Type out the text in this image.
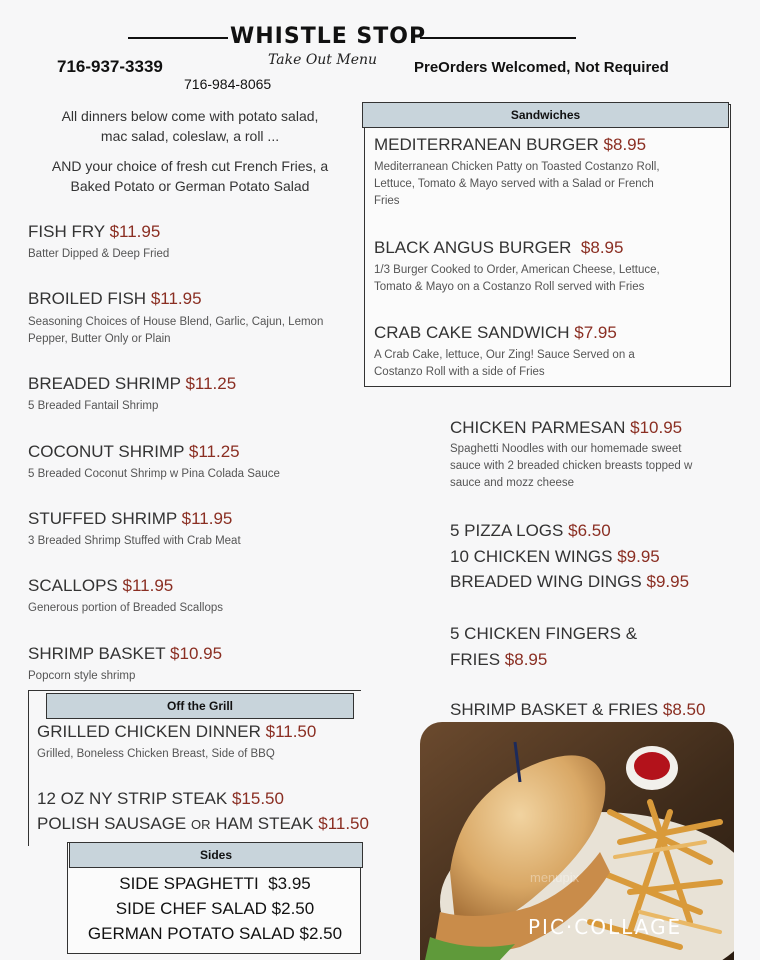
WHISTLE STOP
Take Out Menu
716-937-3339
716-984-8065
PreOrders Welcomed, Not Required
All dinners below come with potato salad,
mac salad, coleslaw, a roll ...
AND your choice of fresh cut French Fries, a
Baked Potato or German Potato Salad
FISH FRY $11.95
Batter Dipped & Deep Fried
BROILED FISH $11.95
Seasoning Choices of House Blend, Garlic, Cajun, Lemon
Pepper, Butter Only or Plain
BREADED SHRIMP $11.25
5 Breaded Fantail Shrimp
COCONUT SHRIMP $11.25
5 Breaded Coconut Shrimp w Pina Colada Sauce
STUFFED SHRIMP $11.95
3 Breaded Shrimp Stuffed with Crab Meat
SCALLOPS $11.95
Generous portion of Breaded Scallops
SHRIMP BASKET $10.95
Popcorn style shrimp
Sandwiches
MEDITERRANEAN BURGER $8.95
Mediterranean Chicken Patty on Toasted Costanzo Roll,
Lettuce, Tomato & Mayo served with a Salad or French
Fries
BLACK ANGUS BURGER $8.95
1/3 Burger Cooked to Order, American Cheese, Lettuce,
Tomato & Mayo on a Costanzo Roll served with Fries
CRAB CAKE SANDWICH $7.95
A Crab Cake, lettuce, Our Zing! Sauce Served on a
Costanzo Roll with a side of Fries
CHICKEN PARMESAN $10.95
Spaghetti Noodles with our homemade sweet
sauce with 2 breaded chicken breasts topped w
sauce and mozz cheese
5 PIZZA LOGS $6.50
10 CHICKEN WINGS $9.95
BREADED WING DINGS $9.95
5 CHICKEN FINGERS &
FRIES $8.95
SHRIMP BASKET & FRIES $8.50
Off the Grill
GRILLED CHICKEN DINNER $11.50
Grilled, Boneless Chicken Breast, Side of BBQ
12 OZ NY STRIP STEAK $15.50
POLISH SAUSAGE OR HAM STEAK $11.50
Sides
SIDE SPAGHETTI $3.95
SIDE CHEF SALAD $2.50
GERMAN POTATO SALAD $2.50
menupix
PIC·COLLAGE
